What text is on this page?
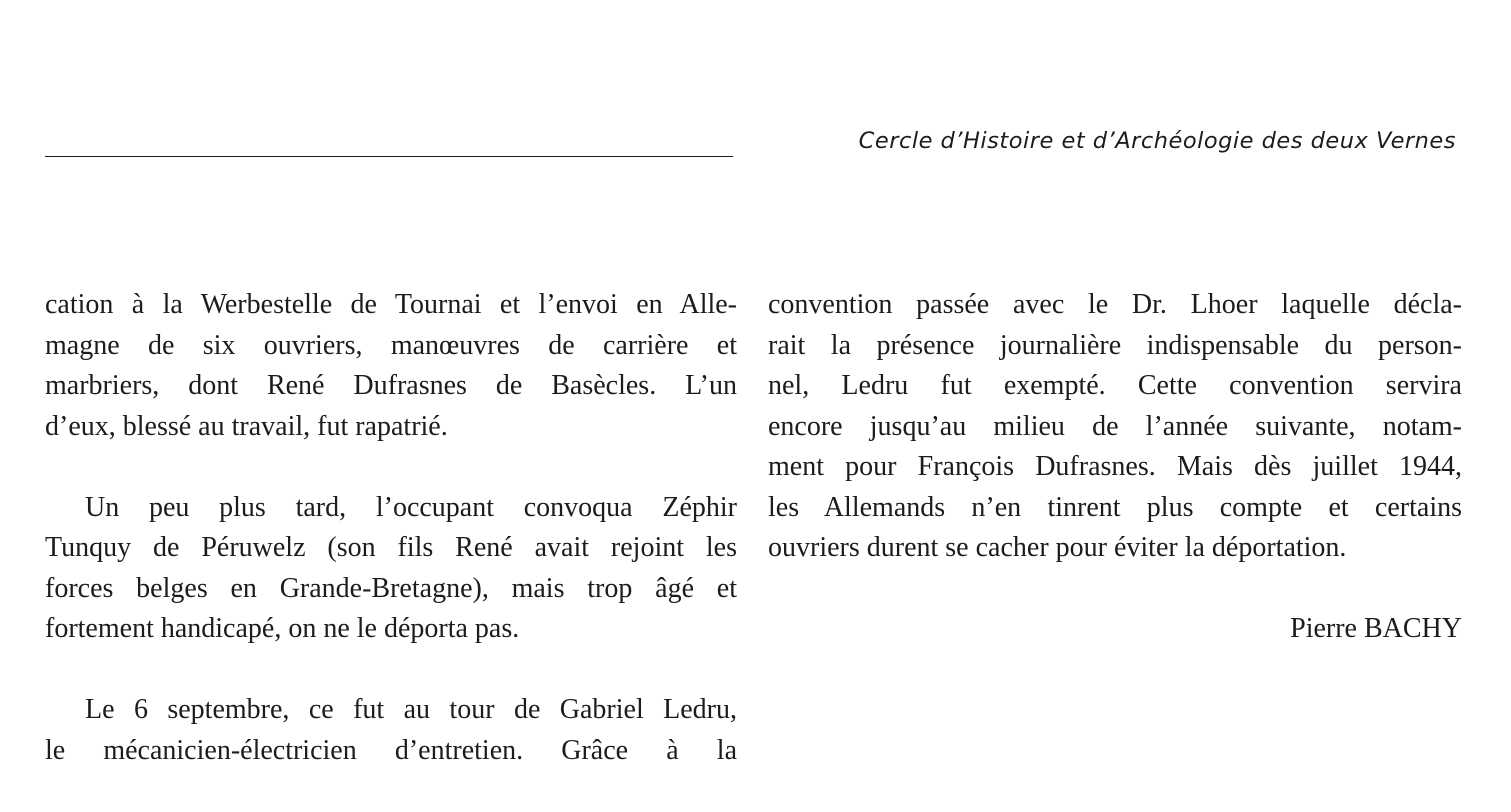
Cercle d’Histoire et d’Archéologie des deux Vernes

cation à la Werbestelle de Tournai et l’envoi en Alle-
magne de six ouvriers, manœuvres de carrière et
marbriers, dont René Dufrasnes de Basècles. L’un
d’eux, blessé au travail, fut rapatrié.

Un peu plus tard, l’occupant convoqua Zéphir
Tunquy de Péruwelz (son fils René avait rejoint les
forces belges en Grande-Bretagne), mais trop âgé et
fortement handicapé, on ne le déporta pas.

Le 6 septembre, ce fut au tour de Gabriel Ledru,
le mécanicien-électricien d’entretien. Grâce à la

convention passée avec le Dr. Lhoer laquelle décla-
rait la présence journalière indispensable du person-
nel, Ledru fut exempté. Cette convention servira
encore jusqu’au milieu de l’année suivante, notam-
ment pour François Dufrasnes. Mais dès juillet 1944,
les Allemands n’en tinrent plus compte et certains
ouvriers durent se cacher pour éviter la déportation.

Pierre BACHY
